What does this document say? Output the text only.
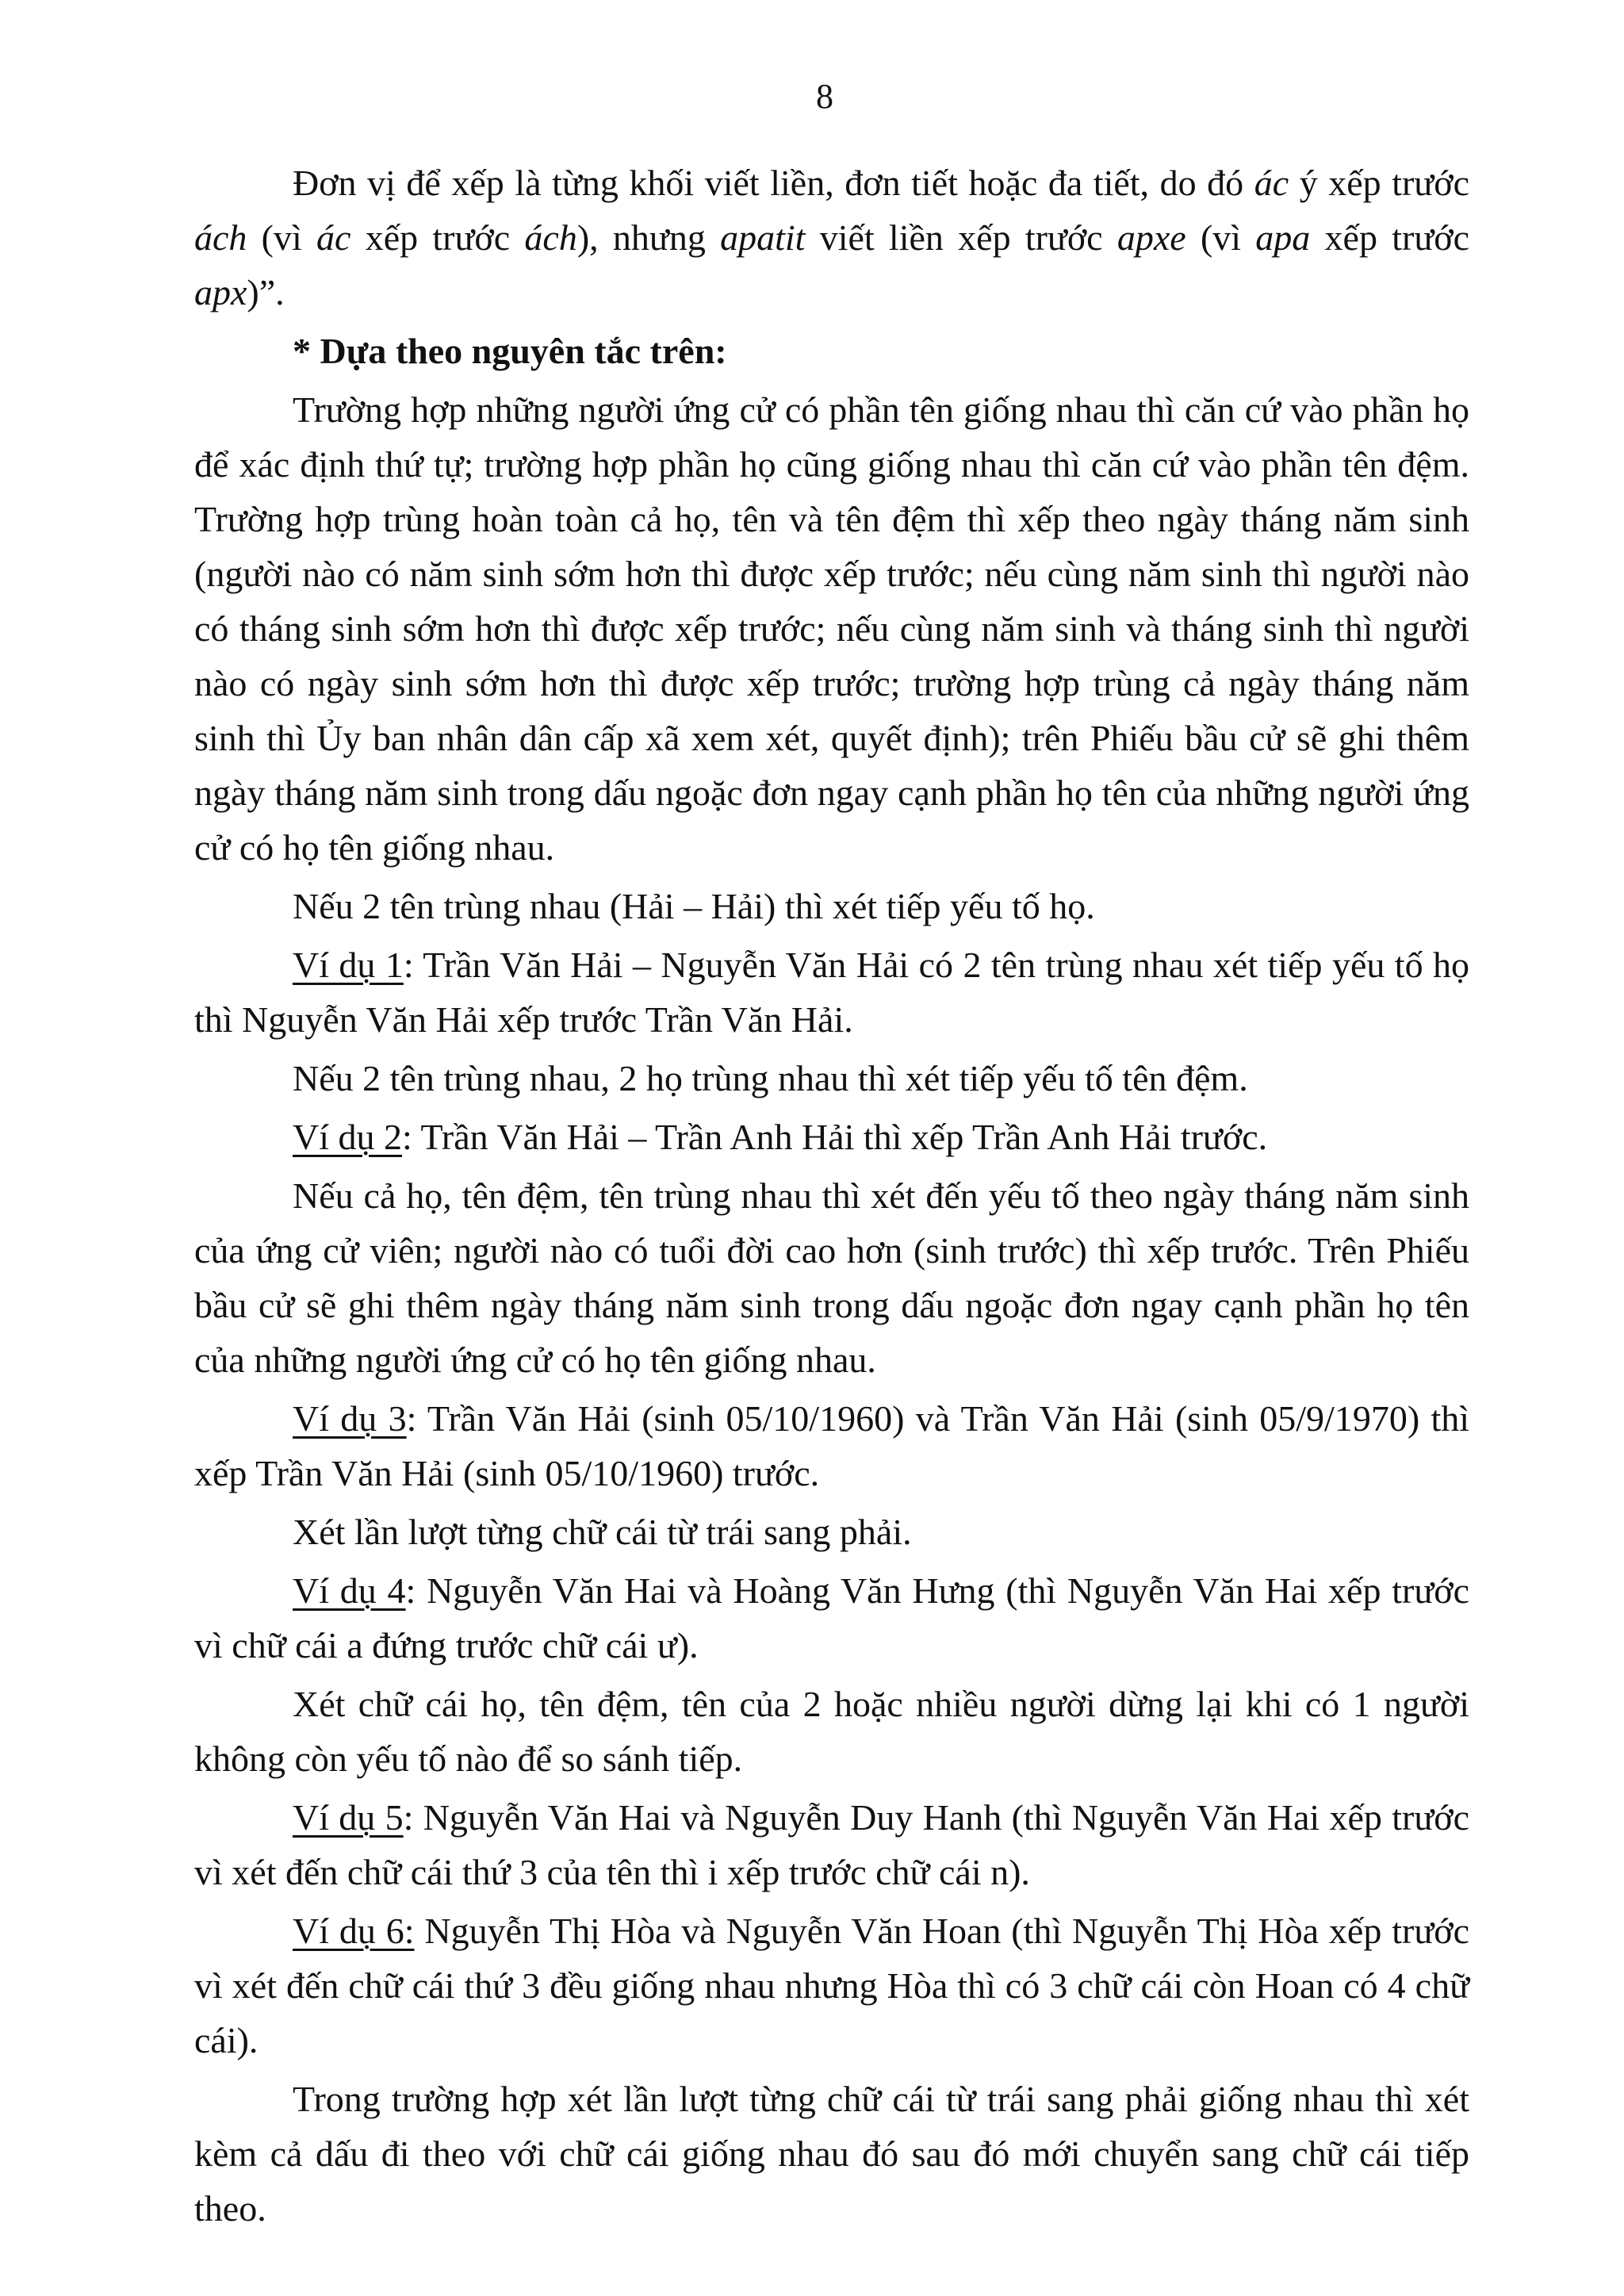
8

Đơn vị để xếp là từng khối viết liền, đơn tiết hoặc đa tiết, do đó ác ý xếp trước ách (vì ác xếp trước ách), nhưng apatit viết liền xếp trước apxe (vì apa xếp trước apx)”.

* Dựa theo nguyên tắc trên:

Trường hợp những người ứng cử có phần tên giống nhau thì căn cứ vào phần họ để xác định thứ tự; trường hợp phần họ cũng giống nhau thì căn cứ vào phần tên đệm. Trường hợp trùng hoàn toàn cả họ, tên và tên đệm thì xếp theo ngày tháng năm sinh (người nào có năm sinh sớm hơn thì được xếp trước; nếu cùng năm sinh thì người nào có tháng sinh sớm hơn thì được xếp trước; nếu cùng năm sinh và tháng sinh thì người nào có ngày sinh sớm hơn thì được xếp trước; trường hợp trùng cả ngày tháng năm sinh thì Ủy ban nhân dân cấp xã xem xét, quyết định); trên Phiếu bầu cử sẽ ghi thêm ngày tháng năm sinh trong dấu ngoặc đơn ngay cạnh phần họ tên của những người ứng cử có họ tên giống nhau.

Nếu 2 tên trùng nhau (Hải – Hải) thì xét tiếp yếu tố họ.

Ví dụ 1: Trần Văn Hải – Nguyễn Văn Hải có 2 tên trùng nhau xét tiếp yếu tố họ thì Nguyễn Văn Hải xếp trước Trần Văn Hải.

Nếu 2 tên trùng nhau, 2 họ trùng nhau thì xét tiếp yếu tố tên đệm.

Ví dụ 2: Trần Văn Hải – Trần Anh Hải thì xếp Trần Anh Hải trước.

Nếu cả họ, tên đệm, tên trùng nhau thì xét đến yếu tố theo ngày tháng năm sinh của ứng cử viên; người nào có tuổi đời cao hơn (sinh trước) thì xếp trước. Trên Phiếu bầu cử sẽ ghi thêm ngày tháng năm sinh trong dấu ngoặc đơn ngay cạnh phần họ tên của những người ứng cử có họ tên giống nhau.

Ví dụ 3: Trần Văn Hải (sinh 05/10/1960) và Trần Văn Hải (sinh 05/9/1970) thì xếp Trần Văn Hải (sinh 05/10/1960) trước.

Xét lần lượt từng chữ cái từ trái sang phải.

Ví dụ 4: Nguyễn Văn Hai và Hoàng Văn Hưng (thì Nguyễn Văn Hai xếp trước vì chữ cái a đứng trước chữ cái ư).

Xét chữ cái họ, tên đệm, tên của 2 hoặc nhiều người dừng lại khi có 1 người không còn yếu tố nào để so sánh tiếp.

Ví dụ 5: Nguyễn Văn Hai và Nguyễn Duy Hanh (thì Nguyễn Văn Hai xếp trước vì xét đến chữ cái thứ 3 của tên thì i xếp trước chữ cái n).

Ví dụ 6: Nguyễn Thị Hòa và Nguyễn Văn Hoan (thì Nguyễn Thị Hòa xếp trước vì xét đến chữ cái thứ 3 đều giống nhau nhưng Hòa thì có 3 chữ cái còn Hoan có 4 chữ cái).

Trong trường hợp xét lần lượt từng chữ cái từ trái sang phải giống nhau thì xét kèm cả dấu đi theo với chữ cái giống nhau đó sau đó mới chuyển sang chữ cái tiếp theo.
